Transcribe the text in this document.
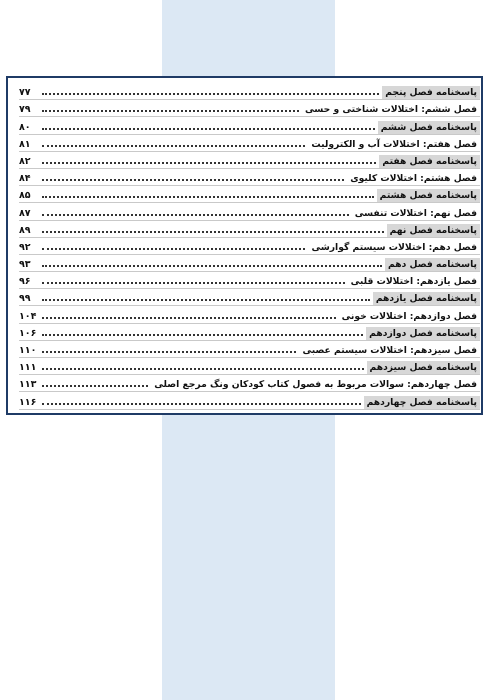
پاسخنامه فصل پنجم
۷۷
فصل ششم: اختلالات شناختی و حسی
۷۹
پاسخنامه فصل ششم
۸۰
فصل هفتم: اختلالات آب و الکترولیت
۸۱
پاسخنامه فصل هفتم
۸۲
فصل هشتم: اختلالات کلیوی
۸۴
پاسخنامه فصل هشتم
۸۵
فصل نهم: اختلالات تنفسی
۸۷
پاسخنامه فصل نهم
۸۹
فصل دهم: اختلالات سیستم گوارشی
۹۲
پاسخنامه فصل دهم
۹۳
فصل یازدهم: اختلالات قلبی
۹۶
پاسخنامه فصل یازدهم
۹۹
فصل دوازدهم: اختلالات خونی
۱۰۴
پاسخنامه فصل دوازدهم
۱۰۶
فصل سیزدهم: اختلالات سیستم عصبی
۱۱۰
پاسخنامه فصل سیزدهم
۱۱۱
فصل چهاردهم: سوالات مربوط به فصول کتاب کودکان ونگ مرجع اصلی
۱۱۳
پاسخنامه فصل چهاردهم
۱۱۶
